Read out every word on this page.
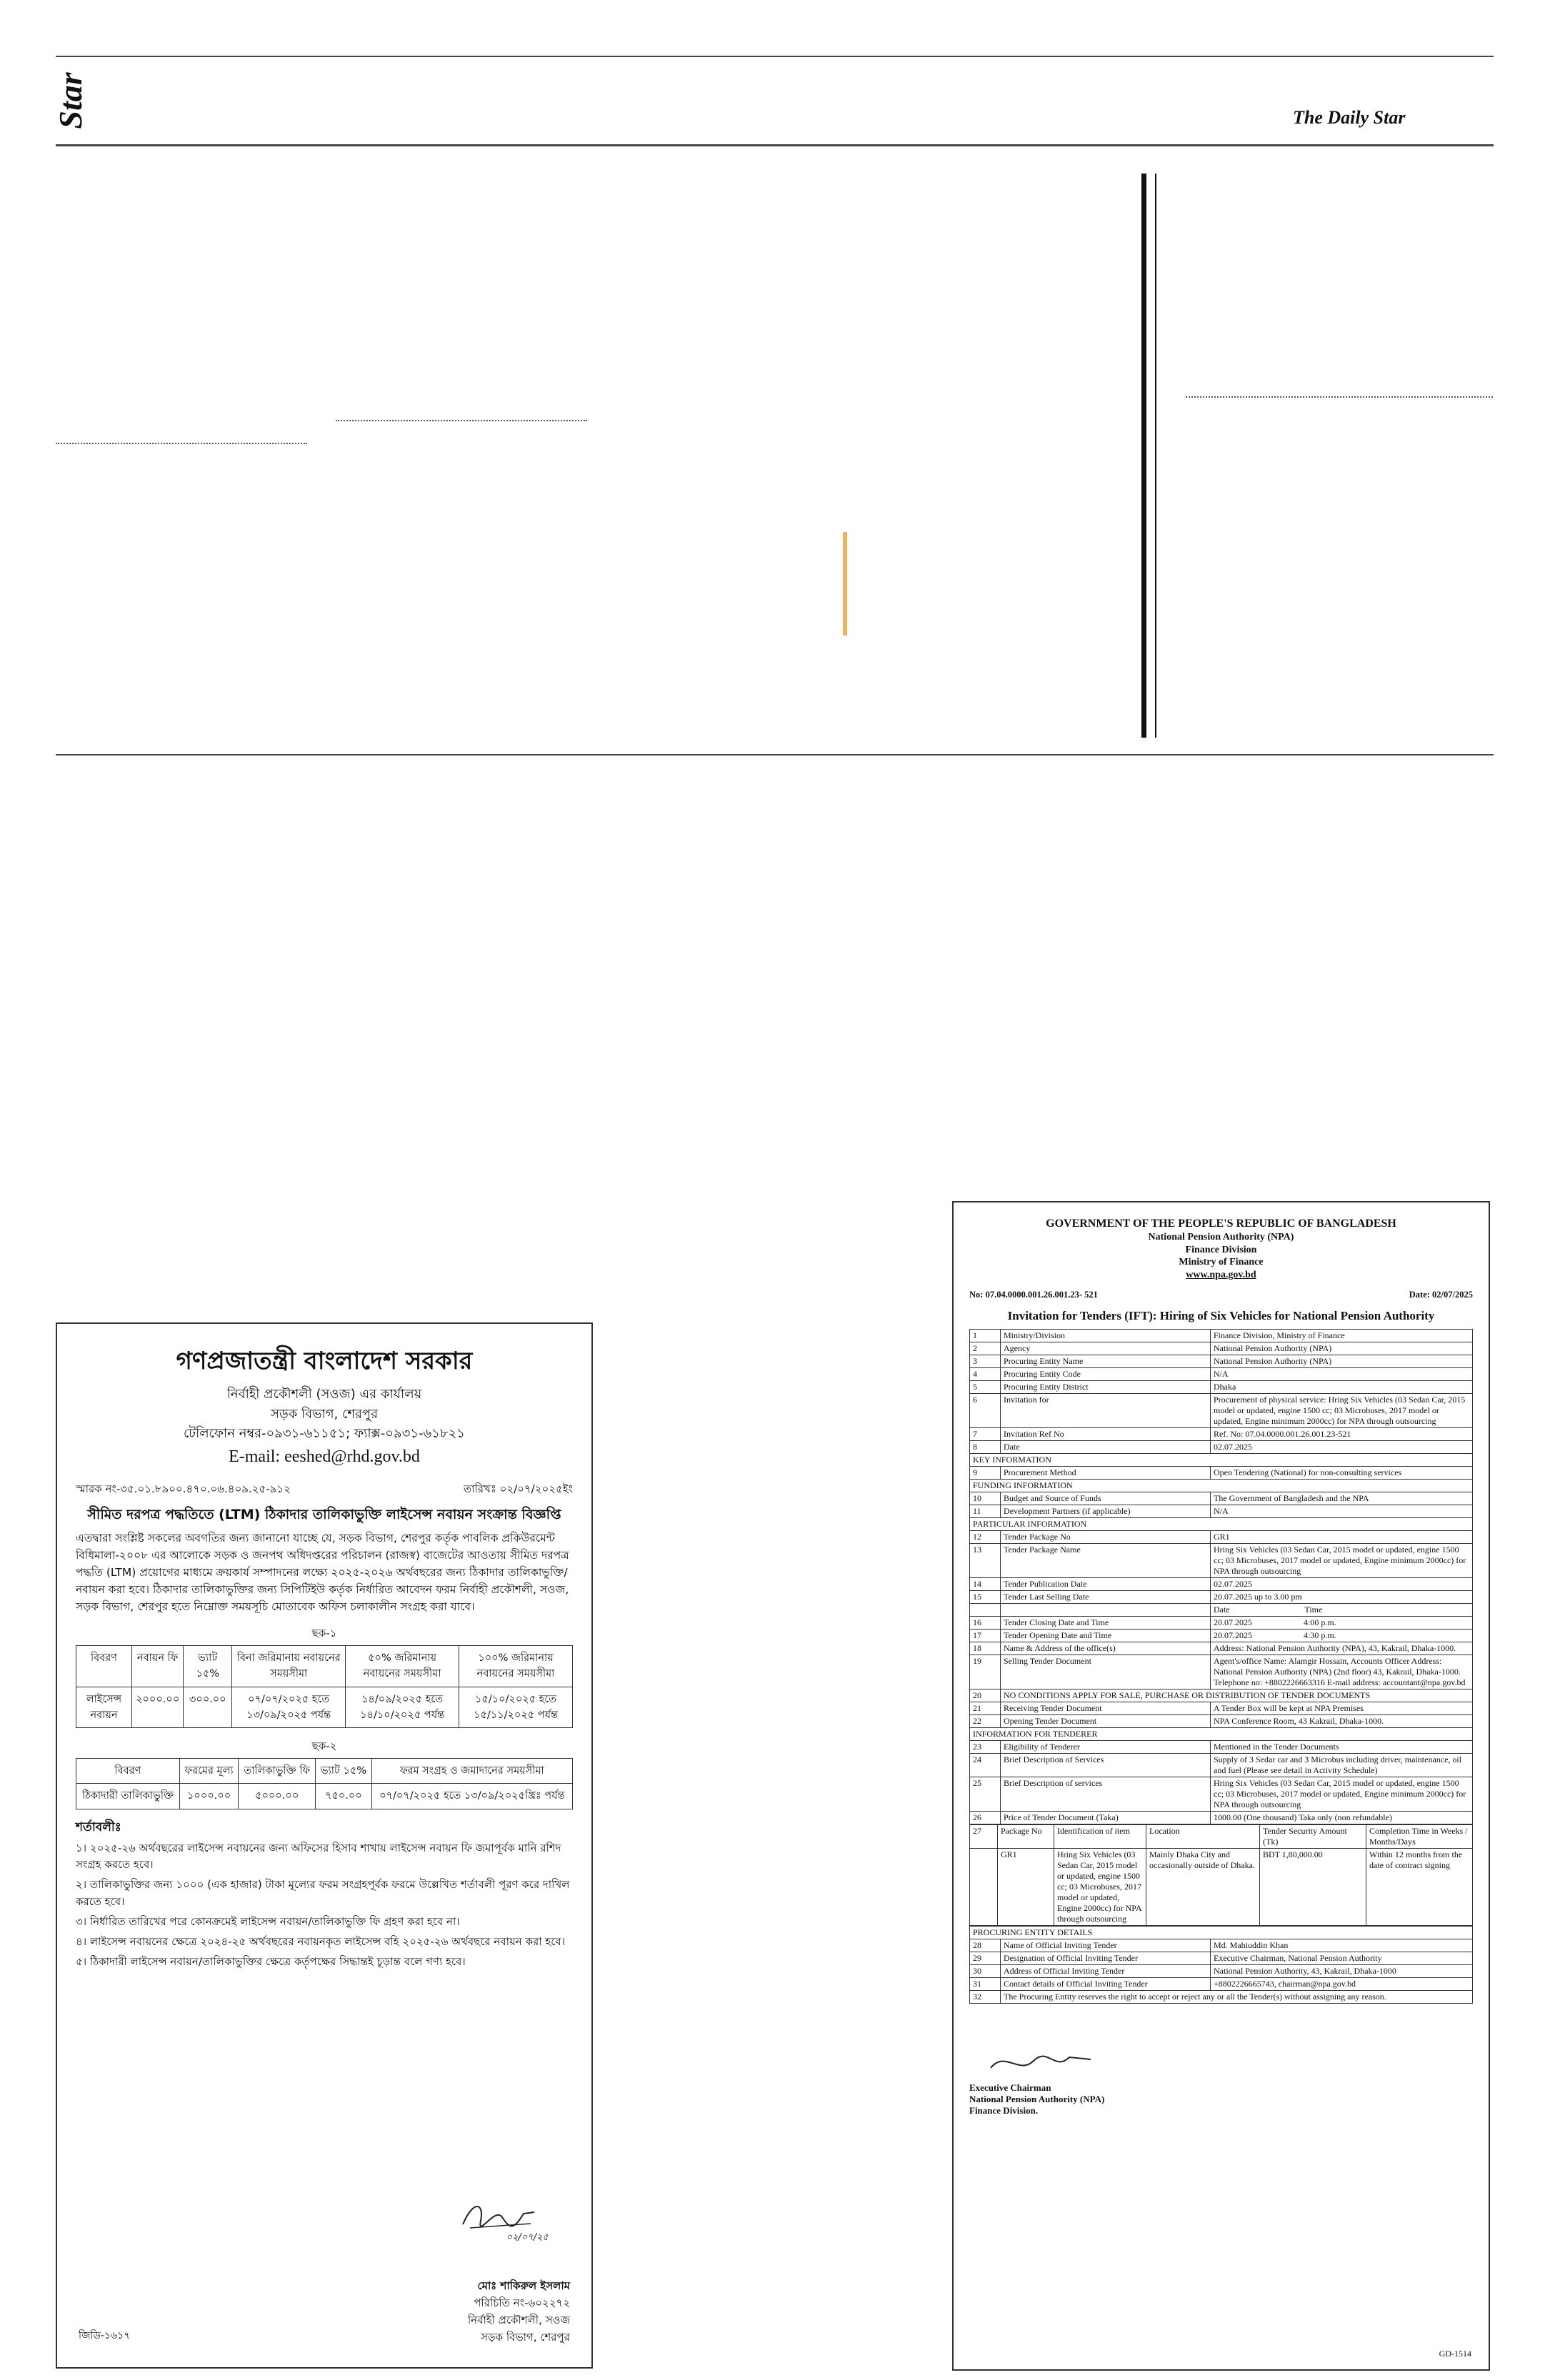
Star	The Daily Star
গণপ্রজাতন্ত্রী বাংলাদেশ সরকার
নির্বাহী প্রকৌশলী (সওজ) এর কার্যালয়
সড়ক বিভাগ, শেরপুর
টেলিফোন নম্বর-০৯৩১-৬১১৫১; ফ্যাক্স-০৯৩১-৬১৮২১
E-mail: eeshed@rhd.gov.bd
স্মারক নং-৩৫.০১.৮৯০০.৪৭০.০৬.৪০৯.২৫-৯১২	তারিখঃ ০২/০৭/২০২৫ইং
সীমিত দরপত্র পদ্ধতিতে (LTM) ঠিকাদার তালিকাভুক্তি লাইসেন্স নবায়ন সংক্রান্ত বিজ্ঞপ্তি

এতদ্বারা সংশ্লিষ্ট সকলের অবগতির জন্য জানানো যাচ্ছে যে, সড়ক বিভাগ, শেরপুর কর্তৃক পাবলিক প্রকিউরমেন্ট বিধিমালা-২০০৮ এর আলোকে সড়ক ও জনপথ অধিদপ্তরের পরিচালন (রাজস্ব) বাজেটের আওতায় সীমিত দরপত্র পদ্ধতি (LTM) প্রয়োগের মাধ্যমে ক্রয়কার্য সম্পাদনের লক্ষ্যে ২০২৫-২০২৬ অর্থবছরের জন্য ঠিকাদার তালিকাভুক্তি/নবায়ন করা হবে। ঠিকাদার তালিকাভুক্তির জন্য সিপিটিইউ কর্তৃক নির্ধারিত আবেদন ফরম নির্বাহী প্রকৌশলী, সওজ, সড়ক বিভাগ, শেরপুর হতে নিম্নোক্ত সময়সূচি মোতাবেক অফিস চলাকালীন সংগ্রহ করা যাবে।

ছক-১
বিবরণ	নবায়ন ফি	ভ্যাট ১৫%	বিনা জরিমানায় নবায়নের সময়সীমা	৫০% জরিমানায় নবায়নের সময়সীমা	১০০% জরিমানায় নবায়নের সময়সীমা
লাইসেন্স নবায়ন	২০০০.০০	৩০০.০০	০৭/০৭/২০২৫ হতে ১৩/০৯/২০২৫ পর্যন্ত	১৪/০৯/২০২৫ হতে ১৪/১০/২০২৫ পর্যন্ত	১৫/১০/২০২৫ হতে ১৫/১১/২০২৫ পর্যন্ত
ছক-২
বিবরণ	ফরমের মূল্য	তালিকাভুক্তি ফি	ভ্যাট ১৫%	ফরম সংগ্রহ ও জমাদানের সময়সীমা
ঠিকাদারী তালিকাভুক্তি	১০০০.০০	৫০০০.০০	৭৫০.০০	০৭/০৭/২০২৫ হতে ১৩/০৯/২০২৫খ্রিঃ পর্যন্ত
শর্তাবলীঃ
১। ২০২৫-২৬ অর্থবছরের লাইসেন্স নবায়নের জন্য অফিসের হিসাব শাখায় লাইসেন্স নবায়ন ফি জমাপূর্বক মানি রশিদ সংগ্রহ করতে হবে।
২। তালিকাভুক্তির জন্য ১০০০ (এক হাজার) টাকা মূল্যের ফরম সংগ্রহপূর্বক ফরমে উল্লেখিত শর্তাবলী পূরণ করে দাখিল করতে হবে।
৩। নির্ধারিত তারিখের পরে কোনক্রমেই লাইসেন্স নবায়ন/তালিকাভুক্তি ফি গ্রহণ করা হবে না।
৪। লাইসেন্স নবায়নের ক্ষেত্রে ২০২৪-২৫ অর্থবছরের নবায়নকৃত লাইসেন্স বহি ২০২৫-২৬ অর্থবছরে নবায়ন করা হবে।
৫। ঠিকাদারী লাইসেন্স নবায়ন/তালিকাভুক্তির ক্ষেত্রে কর্তৃপক্ষের সিদ্ধান্তই চূড়ান্ত বলে গণ্য হবে।
০২/০৭/২৫
মোঃ শাকিরুল ইসলাম
পরিচিতি নং-৬০২২৭২
নির্বাহী প্রকৌশলী, সওজ
সড়ক বিভাগ, শেরপুর
জিডি-১৬১৭
GOVERNMENT OF THE PEOPLE'S REPUBLIC OF BANGLADESH
National Pension Authority (NPA)
Finance Division
Ministry of Finance
www.npa.gov.bd
No: 07.04.0000.001.26.001.23- 521	Date: 02/07/2025
Invitation for Tenders (IFT): Hiring of Six Vehicles for National Pension Authority
1	Ministry/Division	Finance Division, Ministry of Finance
2	Agency	National Pension Authority (NPA)
3	Procuring Entity Name	National Pension Authority (NPA)
4	Procuring Entity Code	N/A
5	Procuring Entity District	Dhaka
6	Invitation for	Procurement of physical service: Hring Six Vehicles (03 Sedan Car, 2015 model or updated, engine 1500 cc; 03 Microbuses, 2017 model or updated, Engine minimum 2000cc) for NPA through outsourcing
7	Invitation Ref No	Ref. No: 07.04.0000.001.26.001.23-521
8	Date	02.07.2025
KEY INFORMATION		
9	Procurement Method	Open Tendering (National) for non-consulting services
FUNDING INFORMATION		
10	Budget and Source of Funds	The Government of Bangladesh and the NPA
11	Development Partners (if applicable)	N/A
PARTICULAR INFORMATION		
12	Tender Package No	GR1
13	Tender Package Name	Hring Six Vehicles (03 Sedan Car, 2015 model or updated, engine 1500 cc; 03 Microbuses, 2017 model or updated, Engine minimum 2000cc) for NPA through outsourcing
14	Tender Publication Date	02.07.2025
15	Tender Last Selling Date	20.07.2025 up to 3.00 pm
		Date                                   Time
16	Tender Closing Date and Time	20.07.2025                        4:00 p.m.
17	Tender Opening Date and Time	20.07.2025                        4:30 p.m.
18	Name & Address of the office(s)	Address: National Pension Authority (NPA), 43, Kakrail, Dhaka-1000.
19	Selling Tender Document	Agent's/office Name: Alamgir Hossain, Accounts Officer Address: National Pension Authority (NPA) (2nd floor) 43, Kakrail, Dhaka-1000. Telephone no: +8802226663316 E-mail address: accountant@npa.gov.bd
20	NO CONDITIONS APPLY FOR SALE, PURCHASE OR DISTRIBUTION OF TENDER DOCUMENTS	
21	Receiving Tender Document	A Tender Box will be kept at NPA Premises
22	Opening Tender Document	NPA Conference Room, 43 Kakrail, Dhaka-1000.
INFORMATION FOR TENDERER		
23	Eligibility of Tenderer	Mentioned in the Tender Documents
24	Brief Description of Services	Supply of 3 Sedar car and 3 Microbus including driver, maintenance, oil and fuel (Please see detail in Activity Schedule)
25	Brief Description of services	Hring Six Vehicles (03 Sedan Car, 2015 model or updated, engine 1500 cc; 03 Microbuses, 2017 model or updated, Engine minimum 2000cc) for NPA through outsourcing
26	Price of Tender Document (Taka)	1000.00 (One thousand) Taka only (non refundable)
27	Package No	Identification of item	Location	Tender Security Amount (Tk)	Completion Time in Weeks / Months/Days
	GR1	Hring Six Vehicles (03 Sedan Car, 2015 model or updated, engine 1500 cc; 03 Microbuses, 2017 model or updated, Engine 2000cc) for NPA through outsourcing	Mainly Dhaka City and occasionally outside of Dhaka.	BDT 1,80,000.00	Within 12 months from the date of contract signing
PROCURING ENTITY DETAILS		
28	Name of Official Inviting Tender	Md. Mahiuddin Khan
29	Designation of Official Inviting Tender	Executive Chairman, National Pension Authority
30	Address of Official Inviting Tender	National Pension Authority, 43, Kakrail, Dhaka-1000
31	Contact details of Official Inviting Tender	+8802226665743, chairman@npa.gov.bd
32	The Procuring Entity reserves the right to accept or reject any or all the Tender(s) without assigning any reason.	
Executive Chairman
National Pension Authority (NPA)
Finance Division.
GD-1514
